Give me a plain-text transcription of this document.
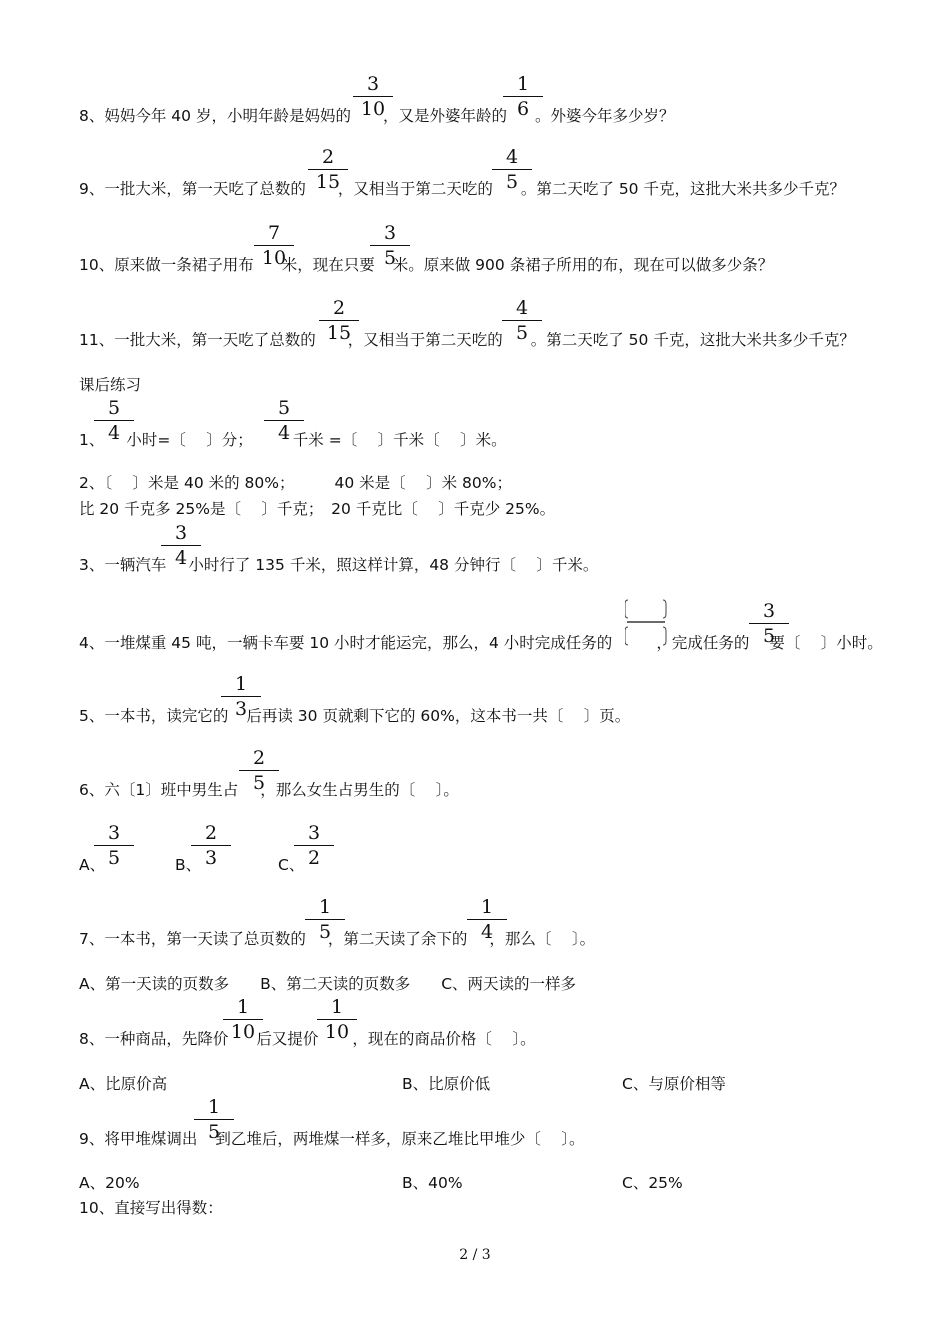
8、妈妈今年 40 岁，小明年龄是妈妈的 ，又是外婆年龄的 。外婆今年多少岁？
3
10
1
6
9、一批大米，第一天吃了总数的 ，又相当于第二天吃的 。第二天吃了 50 千克，这批大米共多少千克？
2
15
4
5
10、原来做一条裙子用布 米，现在只要 米。原来做 900 条裙子所用的布，现在可以做多少条？
7
10
3
5
11、一批大米，第一天吃了总数的 ，又相当于第二天吃的 。第二天吃了 50 千克，这批大米共多少千克？
2
15
4
5
课后练习
1、 小时=〔　 〕分；	千米 =〔　 〕千米〔　 〕米。
5
4
5
4
2、〔　 〕米是 40 米的 80%；	40 米是〔　 〕米 80%；
比 20 千克多 25%是〔　 〕千克；　20 千克比〔　 〕千克少 25%。
3、一辆汽车 小时行了 135 千米，照这样计算，48 分钟行〔　 〕千米。
3
4
4、一堆煤重 45 吨，一辆卡车要 10 小时才能运完，那么，4 小时完成任务的	，完成任务的 要〔　 〕小时。
3
5
5、一本书，读完它的 后再读 30 页就剩下它的 60%，这本书一共〔　 〕页。
1
3
6、六〔1〕班中男生占 ，那么女生占男生的〔　 〕。
2
5
A、
3
5	B、
2
3	C、
3
2
7、一本书，第一天读了总页数的 ，第二天读了余下的 ，那么〔　 〕。
1
5
1
4
A、第一天读的页数多　　B、第二天读的页数多　　C、两天读的一样多
8、一种商品，先降价 后又提价 ，现在的商品价格〔　 〕。
1
10
1
10
A、比原价高	B、比原价低	C、与原价相等
9、将甲堆煤调出 到乙堆后，两堆煤一样多，原来乙堆比甲堆少〔　 〕。
1
5
A、20%	B、40%	C、25%
10、直接写出得数：
2 / 3
